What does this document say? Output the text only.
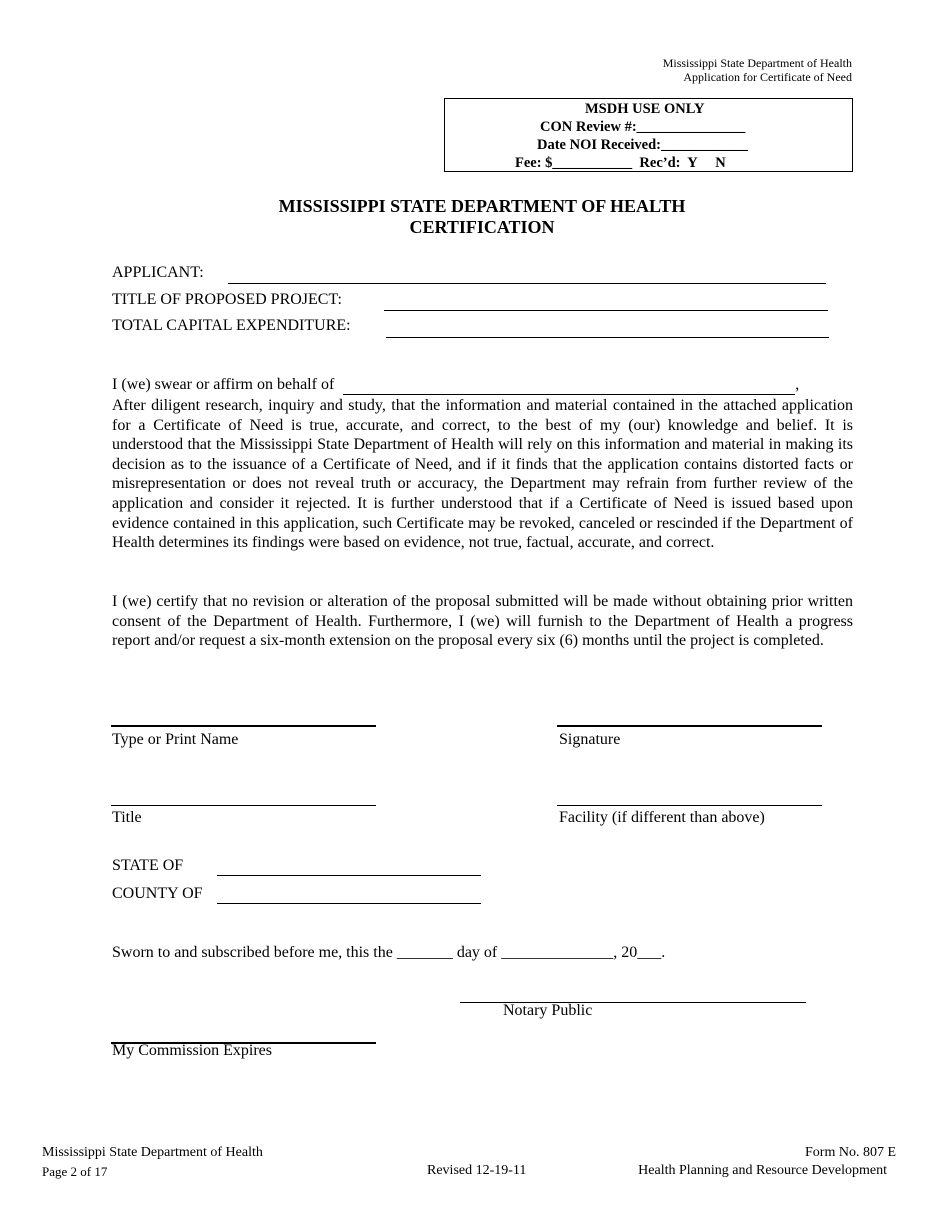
Mississippi State Department of Health
Application for Certificate of Need
MSDH USE ONLY
CON Review #:_______________
Date NOI Received:____________
Fee: $___________  Rec’d:  Y     N
MISSISSIPPI STATE DEPARTMENT OF HEALTH
CERTIFICATION
APPLICANT:
TITLE OF PROPOSED PROJECT:
TOTAL CAPITAL EXPENDITURE:
I (we) swear or affirm on behalf of	,

After diligent research, inquiry and study, that the information and material contained in the attached application for a Certificate of Need is true, accurate, and correct, to the best of my (our) knowledge and belief. It is understood that the Mississippi State Department of Health will rely on this information and material in making its decision as to the issuance of a Certificate of Need, and if it finds that the application contains distorted facts or misrepresentation or does not reveal truth or accuracy, the Department may refrain from further review of the application and consider it rejected. It is further understood that if a Certificate of Need is issued based upon evidence contained in this application, such Certificate may be revoked, canceled or rescinded if the Department of Health determines its findings were based on evidence, not true, factual, accurate, and correct.

I (we) certify that no revision or alteration of the proposal submitted will be made without obtaining prior written consent of the Department of Health. Furthermore, I (we) will furnish to the Department of Health a progress report and/or request a six-month extension on the proposal every six (6) months until the project is completed.

Type or Print Name	Signature
Title	Facility (if different than above)
STATE OF
COUNTY OF
Sworn to and subscribed before me, this the _______ day of ______________, 20___.
Notary Public
My Commission Expires
Mississippi State Department of Health
Page 2 of 17	Revised 12-19-11
Form No. 807 E
Health Planning and Resource Development
